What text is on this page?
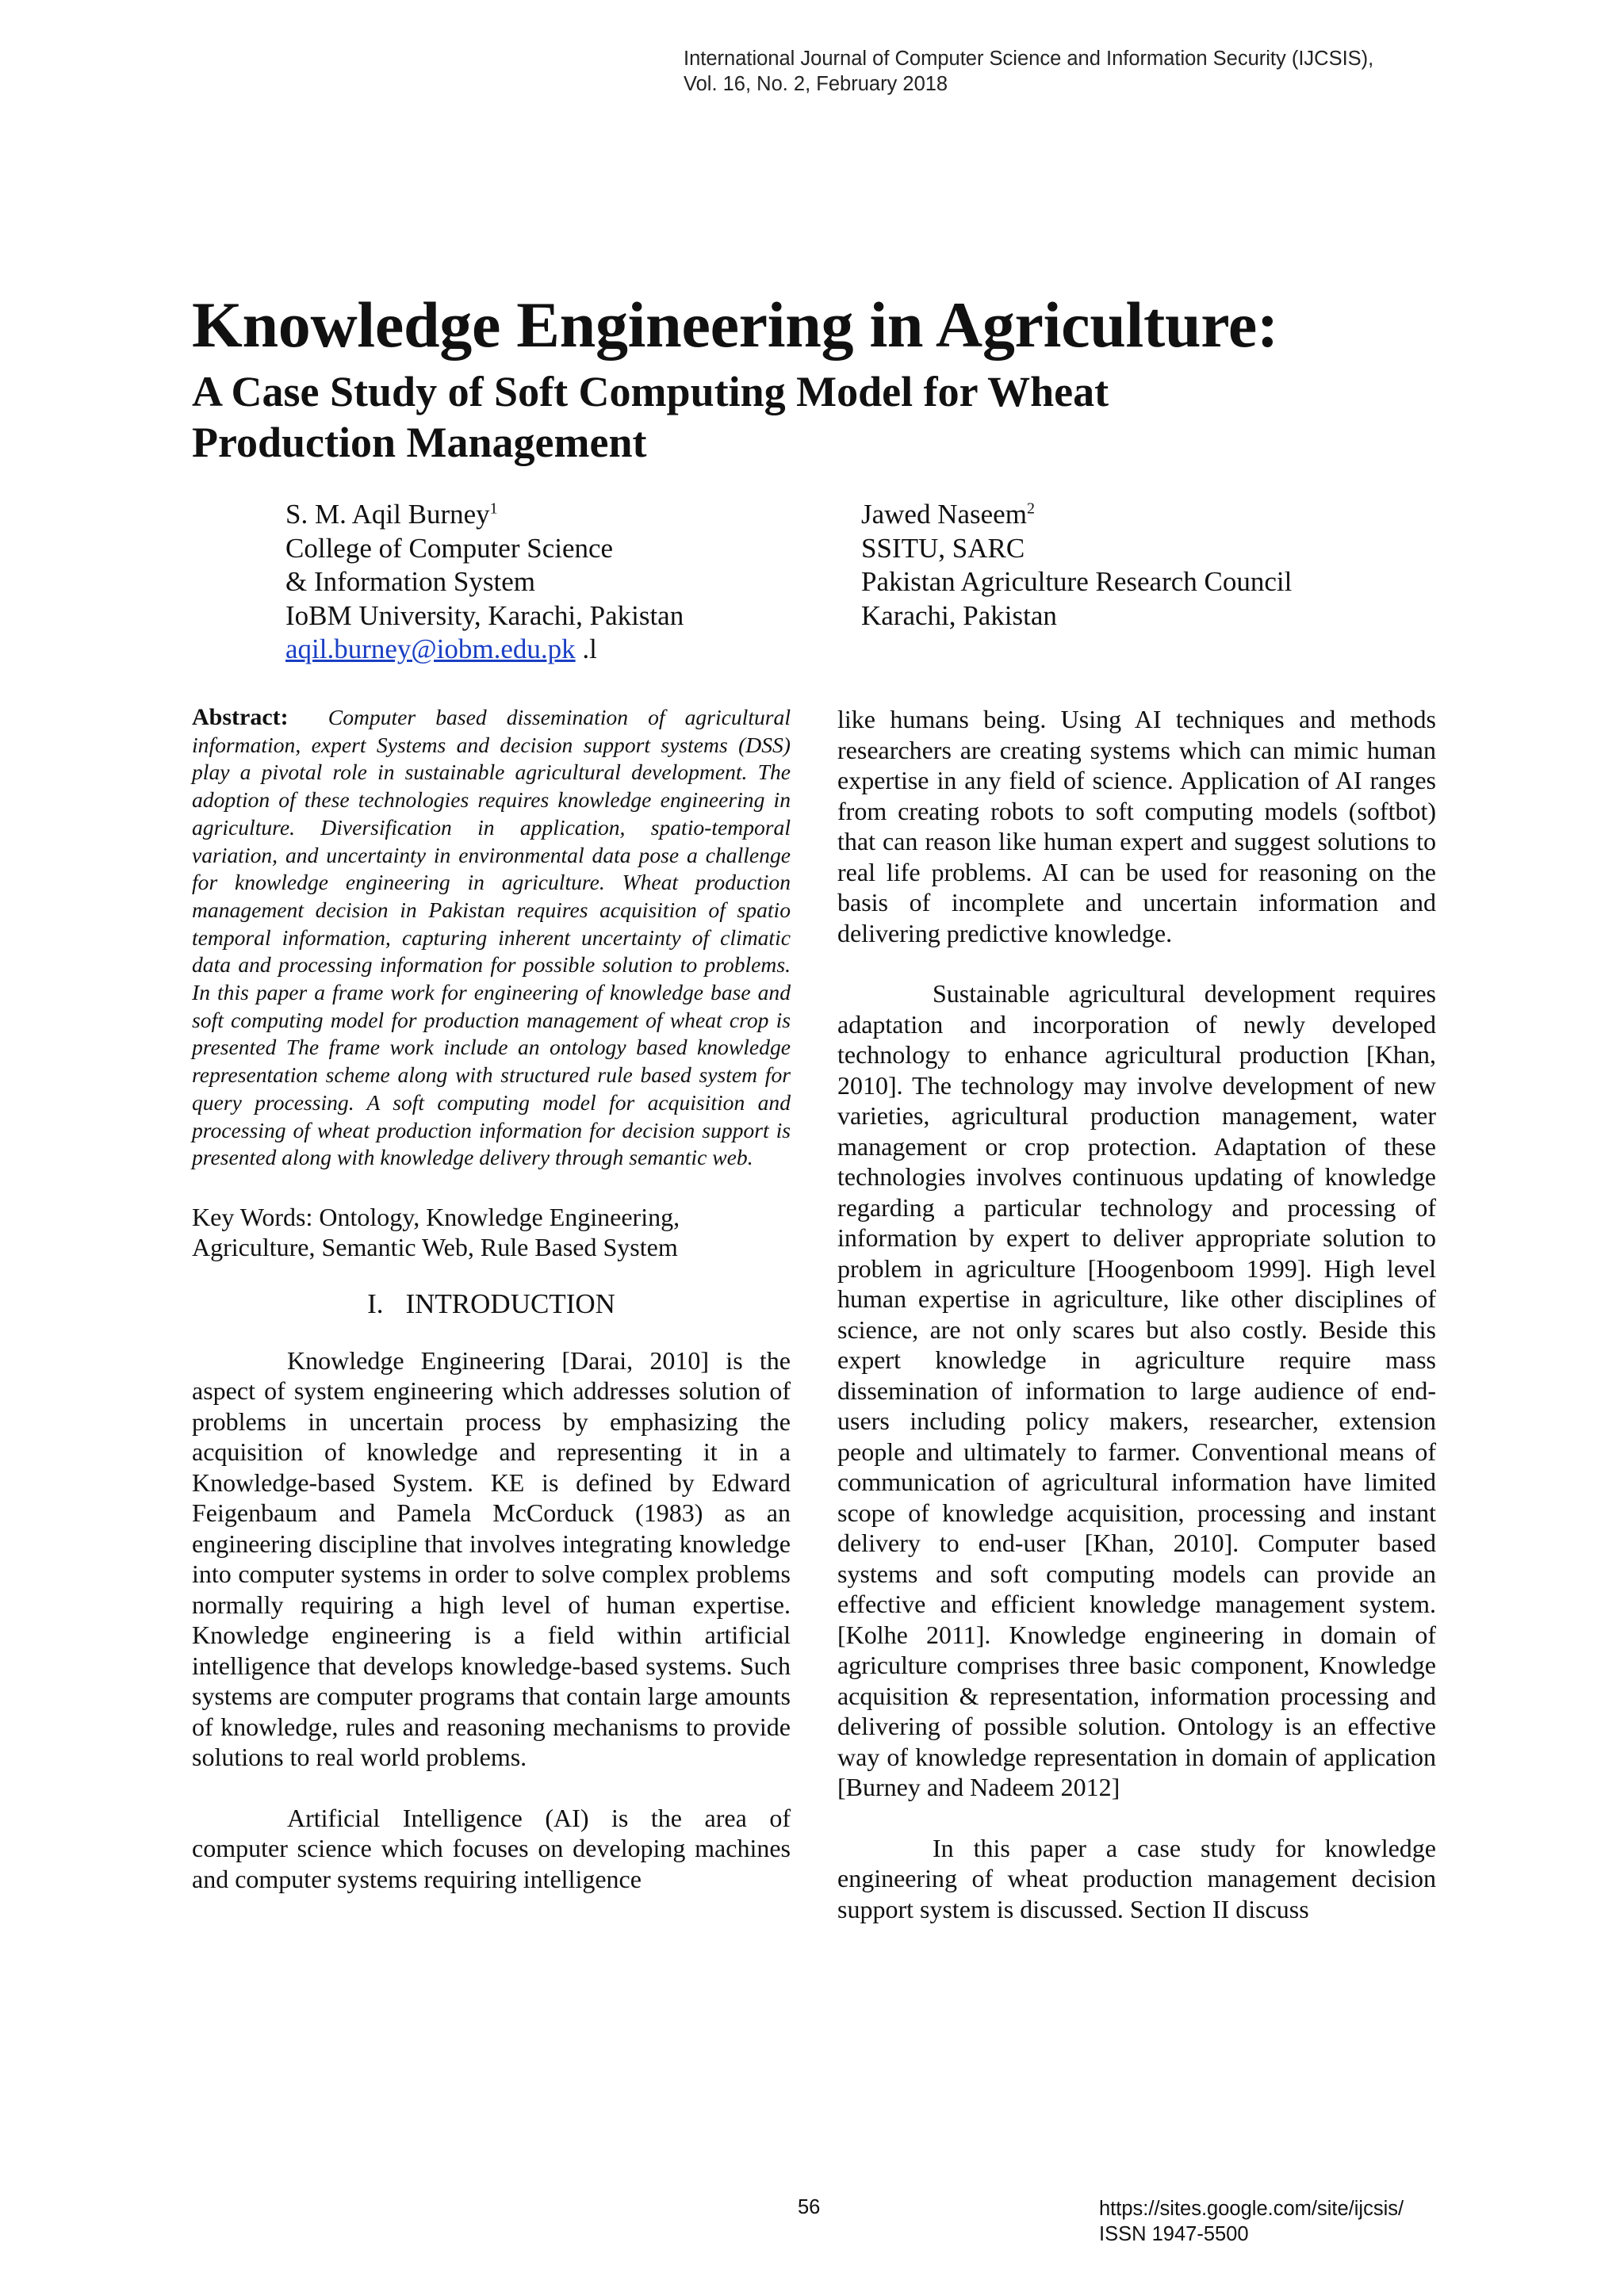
International Journal of Computer Science and Information Security (IJCSIS),
Vol. 16, No. 2, February 2018
Knowledge Engineering in Agriculture:
A Case Study of Soft Computing Model for Wheat Production Management
S. M. Aqil Burney$^1$
College of Computer Science
& Information System
IoBM University, Karachi, Pakistan
aqil.burney@iobm.edu.pk .l
Jawed Naseem$^2$
SSITU, SARC
Pakistan Agriculture Research Council
Karachi, Pakistan

Abstract: Computer based dissemination of agricultural information, expert Systems and decision support systems (DSS) play a pivotal role in sustainable agricultural development. The adoption of these technologies requires knowledge engineering in agriculture. Diversification in application, spatio-temporal variation, and uncertainty in environmental data pose a challenge for knowledge engineering in agriculture. Wheat production management decision in Pakistan requires acquisition of spatio temporal information, capturing inherent uncertainty of climatic data and processing information for possible solution to problems. In this paper a frame work for engineering of knowledge base and soft computing model for production management of wheat crop is presented The frame work include an ontology based knowledge representation scheme along with structured rule based system for query processing. A soft computing model for acquisition and processing of wheat production information for decision support is presented along with knowledge delivery through semantic web.

Key Words: Ontology, Knowledge Engineering, Agriculture, Semantic Web, Rule Based System

I. INTRODUCTION

Knowledge Engineering [Darai, 2010] is the aspect of system engineering which addresses solution of problems in uncertain process by emphasizing the acquisition of knowledge and representing it in a Knowledge-based System. KE is defined by Edward Feigenbaum and Pamela McCorduck (1983) as an engineering discipline that involves integrating knowledge into computer systems in order to solve complex problems normally requiring a high level of human expertise. Knowledge engineering is a field within artificial intelligence that develops knowledge-based systems. Such systems are computer programs that contain large amounts of knowledge, rules and reasoning mechanisms to provide solutions to real world problems.

Artificial Intelligence (AI) is the area of computer science which focuses on developing machines and computer systems requiring intelligence

like humans being. Using AI techniques and methods researchers are creating systems which can mimic human expertise in any field of science. Application of AI ranges from creating robots to soft computing models (softbot) that can reason like human expert and suggest solutions to real life problems. AI can be used for reasoning on the basis of incomplete and uncertain information and delivering predictive knowledge.

Sustainable agricultural development requires adaptation and incorporation of newly developed technology to enhance agricultural production [Khan, 2010]. The technology may involve development of new varieties, agricultural production management, water management or crop protection. Adaptation of these technologies involves continuous updating of knowledge regarding a particular technology and processing of information by expert to deliver appropriate solution to problem in agriculture [Hoogenboom 1999]. High level human expertise in agriculture, like other disciplines of science, are not only scares but also costly. Beside this expert knowledge in agriculture require mass dissemination of information to large audience of end-users including policy makers, researcher, extension people and ultimately to farmer. Conventional means of communication of agricultural information have limited scope of knowledge acquisition, processing and instant delivery to end-user [Khan, 2010]. Computer based systems and soft computing models can provide an effective and efficient knowledge management system. [Kolhe 2011]. Knowledge engineering in domain of agriculture comprises three basic component, Knowledge acquisition & representation, information processing and delivering of possible solution. Ontology is an effective way of knowledge representation in domain of application [Burney and Nadeem 2012]

In this paper a case study for knowledge engineering of wheat production management decision support system is discussed. Section II discuss

56	https://sites.google.com/site/ijcsis/
ISSN 1947-5500
